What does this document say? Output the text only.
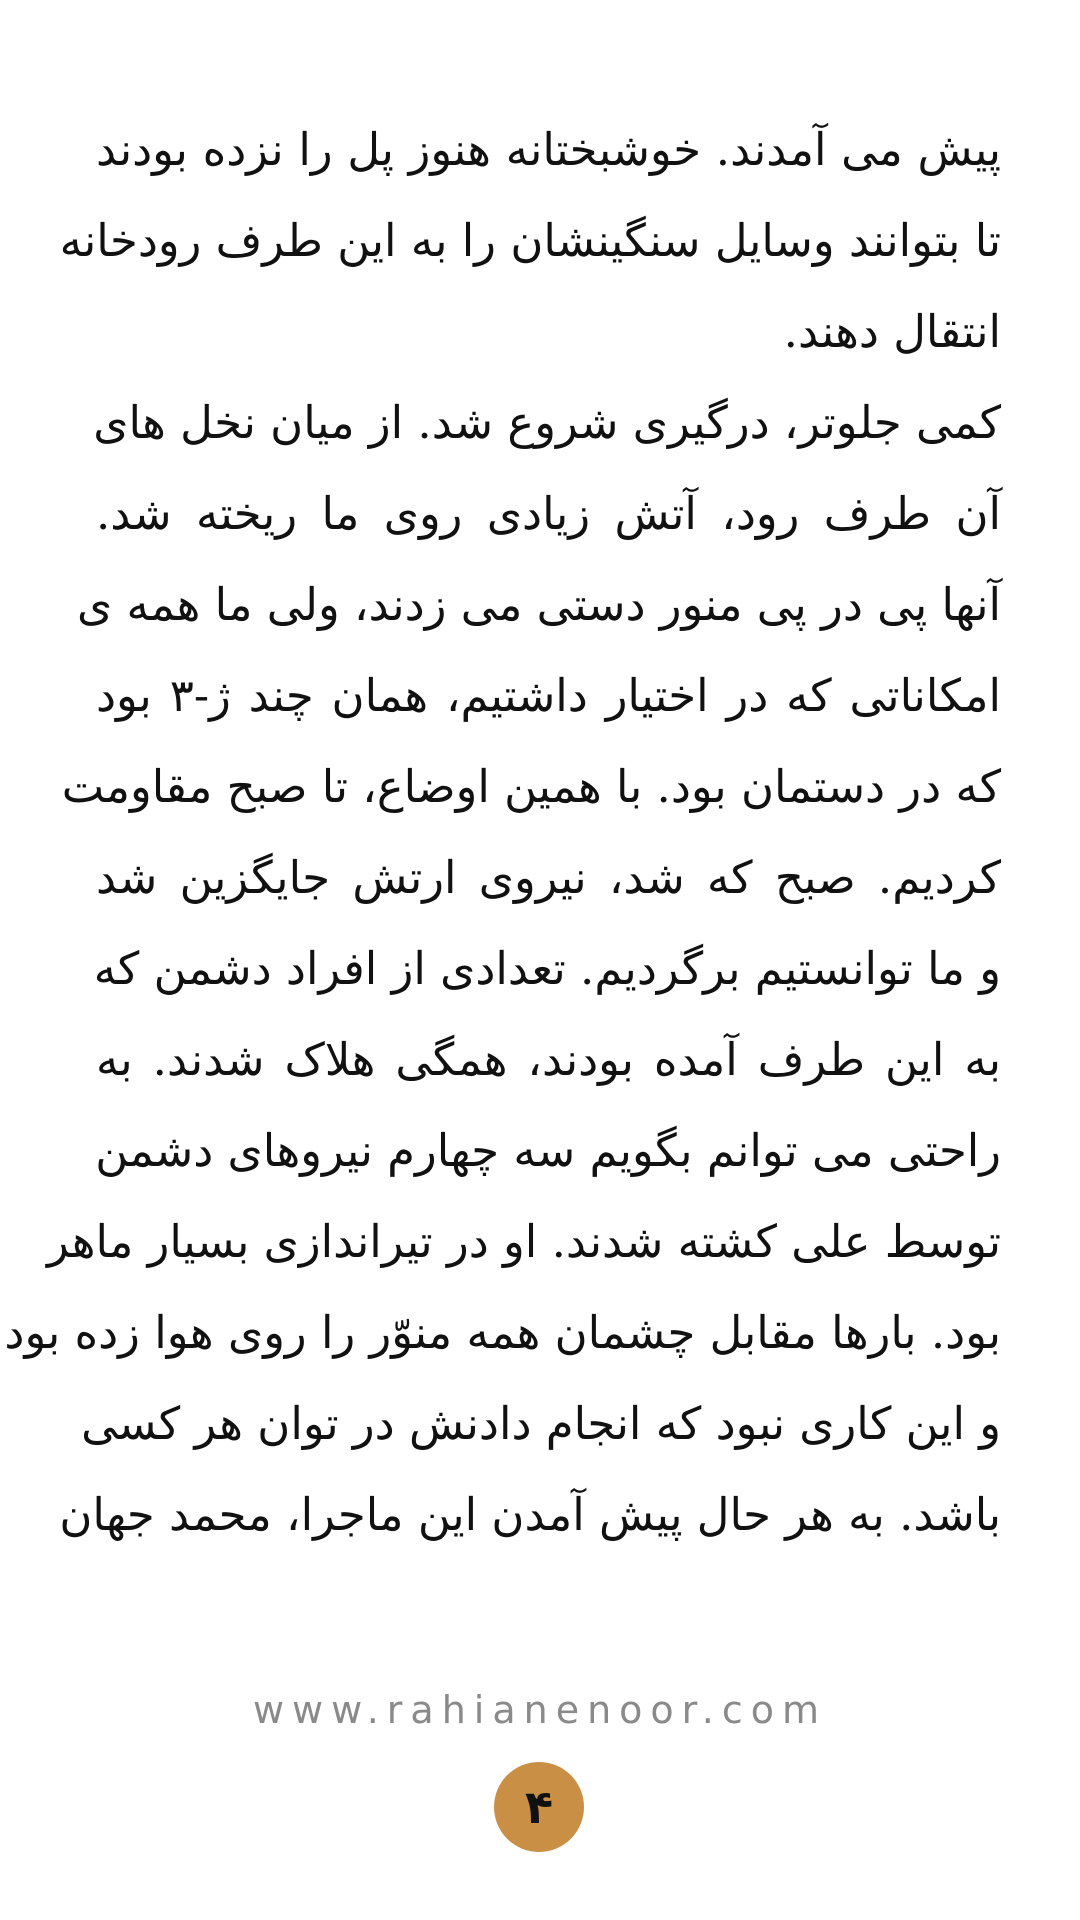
پیش می آمدند. خوشبختانه هنوز پل را نزده بودند
تا بتوانند وسایل سنگینشان را به این طرف رودخانه
انتقال دهند.
کمی جلوتر، درگیری شروع شد. از میان نخل های
آن طرف رود، آتش زیادی روی ما ریخته شد.
آنها پی در پی منور دستی می زدند، ولی ما همه ی
امکاناتی که در اختیار داشتیم، همان چند ژ-۳ بود
که در دستمان بود. با همین اوضاع، تا صبح مقاومت
کردیم. صبح که شد، نیروی ارتش جایگزین شد
و ما توانستیم برگردیم. تعدادی از افراد دشمن که
به این طرف آمده بودند، همگی هلاک شدند. به
راحتی می توانم بگویم سه چهارم نیروهای دشمن
توسط علی کشته شدند. او در تیراندازی بسیار ماهر
بود. بارها مقابل چشمان همه منوّر را روی هوا زده بود
و این کاری نبود که انجام دادنش در توان هر کسی
باشد. به هر حال پیش آمدن این ماجرا، محمد جهان
www.rahianenoor.com
۴
